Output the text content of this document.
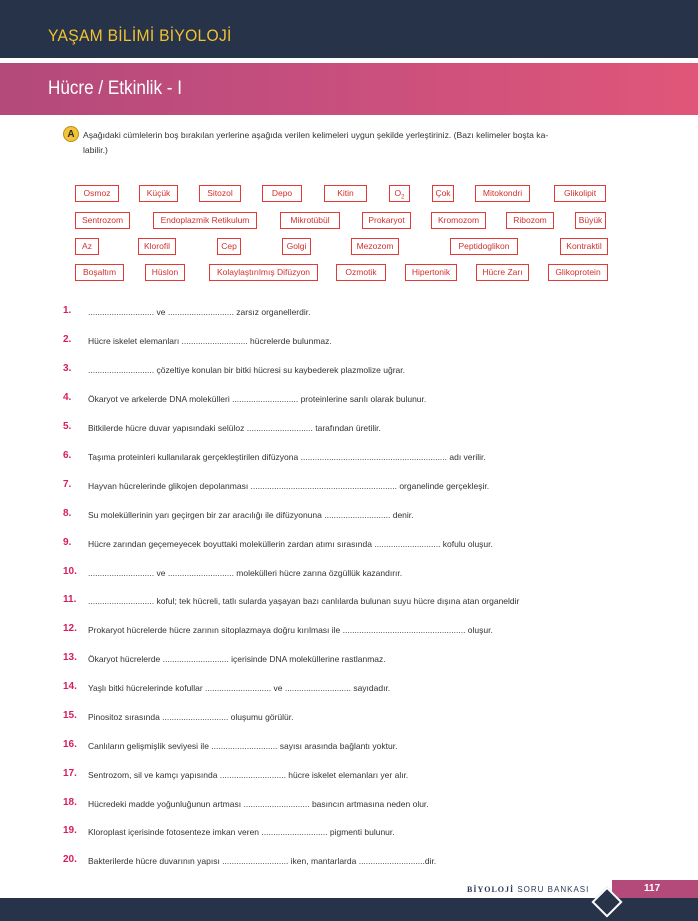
YAŞAM BİLİMİ BİYOLOJİ
Hücre / Etkinlik - I
A Aşağıdaki cümlelerin boş bırakılan yerlerine aşağıda verilen kelimeleri uygun şekilde yerleştiriniz. (Bazı kelimeler boşta ka-
labilir.)
Osmoz	Küçük	Sitozol	Depo	Kitin	$O_2$	Çok	Mitokondri	Glikolipit
Sentrozom	Endoplazmik Retikulum	Mikrotübül	Prokaryot	Kromozom	Ribozom	Büyük
Az	Klorofil	Cep	Golgi	Mezozom	Peptidoglikon	Kontraktil
Boşaltım	Hüslon	Kolaylaştırılmış Difüzyon	Ozmotik	Hipertonik	Hücre Zarı	Glikoprotein
1. ............................ ve ............................ zarsız organellerdir.
2. Hücre iskelet elemanları ............................ hücrelerde bulunmaz.
3. ............................ çözeltiye konulan bir bitki hücresi su kaybederek plazmolize uğrar.
4. Ökaryot ve arkelerde DNA molekülleri ............................ proteinlerine sarılı olarak bulunur.
5. Bitkilerde hücre duvar yapısındaki selüloz ............................ tarafından üretilir.
6. Taşıma proteinleri kullanılarak gerçekleştirilen difüzyona .............................................................. adı verilir.
7. Hayvan hücrelerinde glikojen depolanması .............................................................. organelinde gerçekleşir.
8. Su moleküllerinin yarı geçirgen bir zar aracılığı ile difüzyonuna ............................ denir.
9. Hücre zarından geçemeyecek boyuttaki moleküllerin zardan atımı sırasında ............................ kofulu oluşur.
10. ............................ ve ............................ molekülleri hücre zarına özgüllük kazandırır.
11. ............................ koful; tek hücreli, tatlı sularda yaşayan bazı canlılarda bulunan suyu hücre dışına atan organeldir
12. Prokaryot hücrelerde hücre zarının sitoplazmaya doğru kırılması ile .................................................... oluşur.
13. Ökaryot hücrelerde ............................ içerisinde DNA moleküllerine rastlanmaz.
14. Yaşlı bitki hücrelerinde kofullar ............................ ve ............................ sayıdadır.
15. Pinositoz sırasında ............................ oluşumu görülür.
16. Canlıların gelişmişlik seviyesi ile ............................ sayısı arasında bağlantı yoktur.
17. Sentrozom, sil ve kamçı yapısında ............................ hücre iskelet elemanları yer alır.
18. Hücredeki madde yoğunluğunun artması ............................ basıncın artmasına neden olur.
19. Kloroplast içerisinde fotosenteze imkan veren ............................ pigmenti bulunur.
20. Bakterilerde hücre duvarının yapısı ............................ iken, mantarlarda ............................dir.
BİYOLOJİ SORU BANKASI	117
